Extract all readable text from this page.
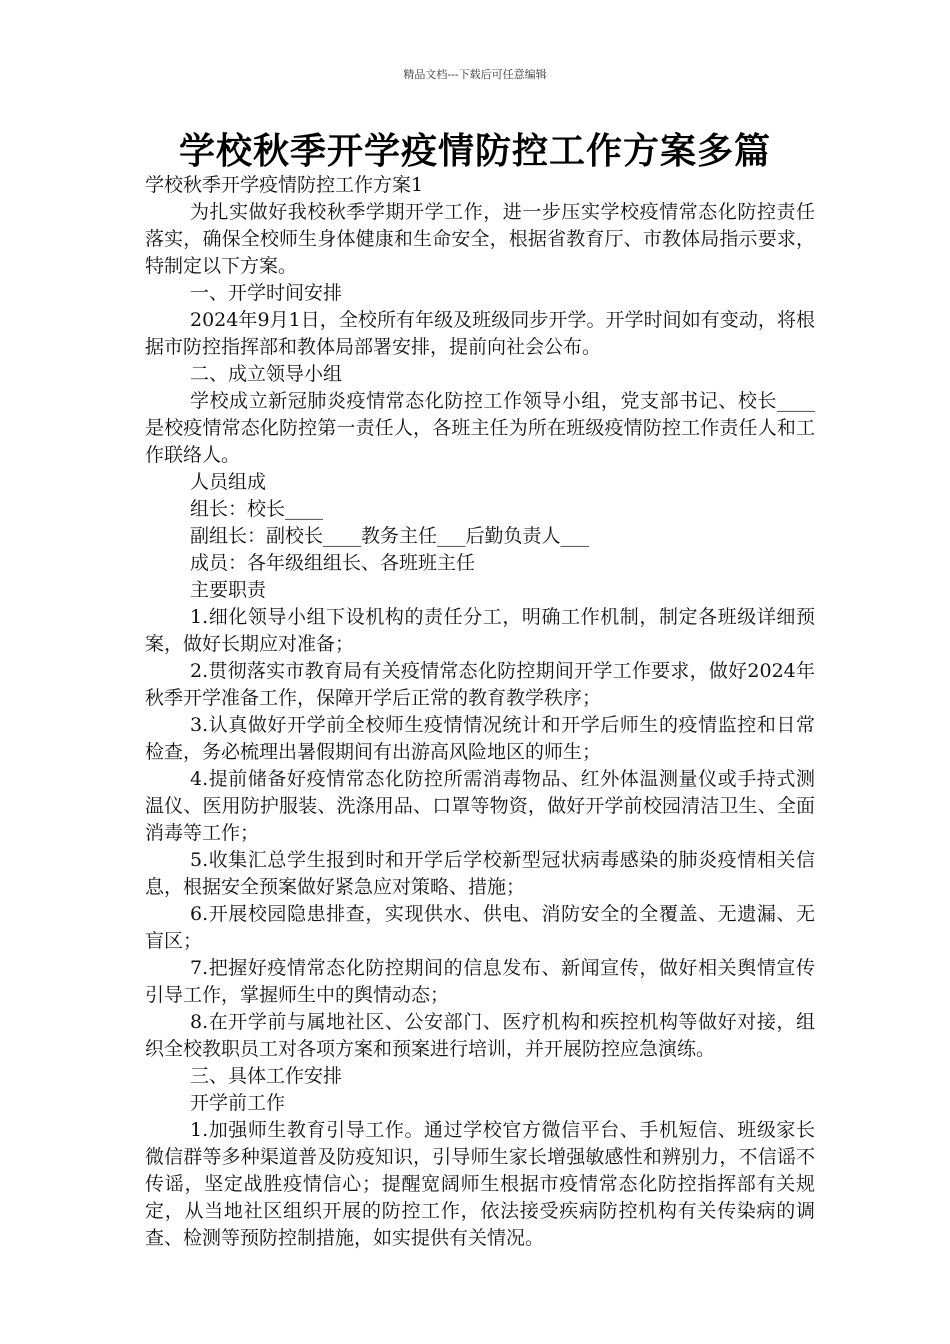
精品文档---下载后可任意编辑
学校秋季开学疫情防控工作方案多篇

学校秋季开学疫情防控工作方案1

为扎实做好我校秋季学期开学工作，进一步压实学校疫情常态化防控责任落实，确保全校师生身体健康和生命安全，根据省教育厅、市教体局指示要求，特制定以下方案。

一、开学时间安排

2024年9月1日，全校所有年级及班级同步开学。开学时间如有变动，将根据市防控指挥部和教体局部署安排，提前向社会公布。

二、成立领导小组

学校成立新冠肺炎疫情常态化防控工作领导小组，党支部书记、校长____是校疫情常态化防控第一责任人，各班主任为所在班级疫情防控工作责任人和工作联络人。

人员组成

组长：校长____

副组长：副校长____教务主任___后勤负责人___

成员：各年级组组长、各班班主任

主要职责

1.细化领导小组下设机构的责任分工，明确工作机制，制定各班级详细预案，做好长期应对准备；

2.贯彻落实市教育局有关疫情常态化防控期间开学工作要求，做好2024年秋季开学准备工作，保障开学后正常的教育教学秩序；

3.认真做好开学前全校师生疫情情况统计和开学后师生的疫情监控和日常检查，务必梳理出暑假期间有出游高风险地区的师生；

4.提前储备好疫情常态化防控所需消毒物品、红外体温测量仪或手持式测温仪、医用防护服装、洗涤用品、口罩等物资，做好开学前校园清洁卫生、全面消毒等工作；

5.收集汇总学生报到时和开学后学校新型冠状病毒感染的肺炎疫情相关信息，根据安全预案做好紧急应对策略、措施；

6.开展校园隐患排查，实现供水、供电、消防安全的全覆盖、无遗漏、无盲区；

7.把握好疫情常态化防控期间的信息发布、新闻宣传，做好相关舆情宣传引导工作，掌握师生中的舆情动态；

8.在开学前与属地社区、公安部门、医疗机构和疾控机构等做好对接，组织全校教职员工对各项方案和预案进行培训，并开展防控应急演练。

三、具体工作安排

开学前工作

1.加强师生教育引导工作。通过学校官方微信平台、手机短信、班级家长微信群等多种渠道普及防疫知识，引导师生家长增强敏感性和辨别力，不信谣不传谣，坚定战胜疫情信心；提醒宽阔师生根据市疫情常态化防控指挥部有关规定，从当地社区组织开展的防控工作，依法接受疾病防控机构有关传染病的调查、检测等预防控制措施，如实提供有关情况。
